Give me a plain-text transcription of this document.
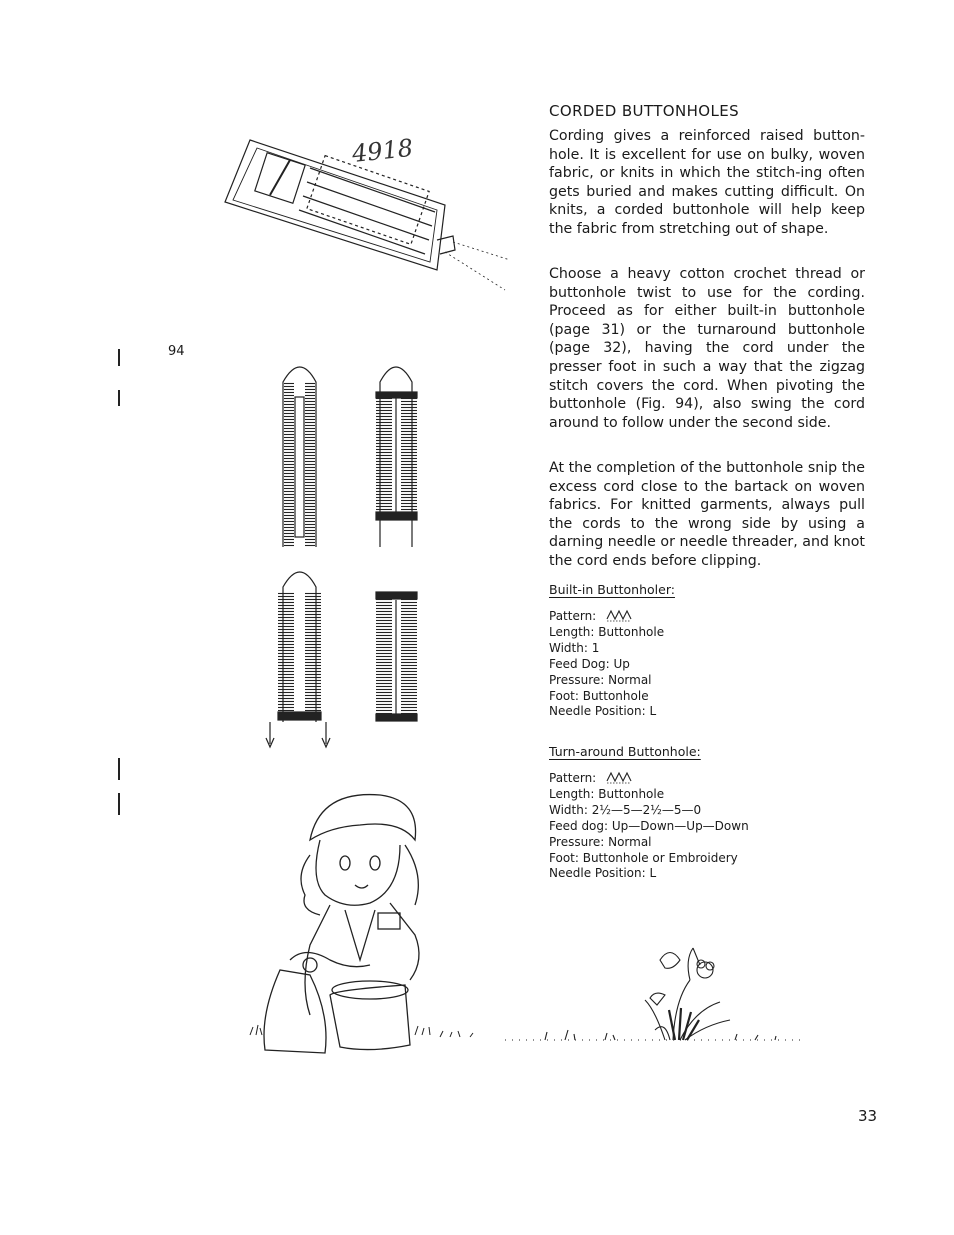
CORDED BUTTONHOLES
Cording gives a reinforced raised button-hole. It is excellent for use on bulky, woven fabric, or knits in which the stitch-ing often gets buried and makes cutting difficult. On knits, a corded buttonhole will help keep the fabric from stretching out of shape.
Choose a heavy cotton crochet thread or buttonhole twist to use for the cording. Proceed as for either built-in buttonhole (page 31) or the turnaround buttonhole (page 32), having the cord under the presser foot in such a way that the zigzag stitch covers the cord. When pivoting the buttonhole (Fig. 94), also swing the cord around to follow under the second side.
At the completion of the buttonhole snip the excess cord close to the bartack on woven fabrics. For knitted garments, always pull the cords to the wrong side by using a darning needle or needle threader, and knot the cord ends before clipping.
Built-in Buttonholer:
Pattern:  
Length: Buttonhole
Width: 1
Feed Dog: Up
Pressure: Normal
Foot: Buttonhole
Needle Position: L
Turn-around Buttonhole:
Pattern:  
Length: Buttonhole
Width: 2½—5—2½—5—0
Feed dog: Up—Down—Up—Down
Pressure: Normal
Foot: Buttonhole or Embroidery
Needle Position: L
94
33
4918
